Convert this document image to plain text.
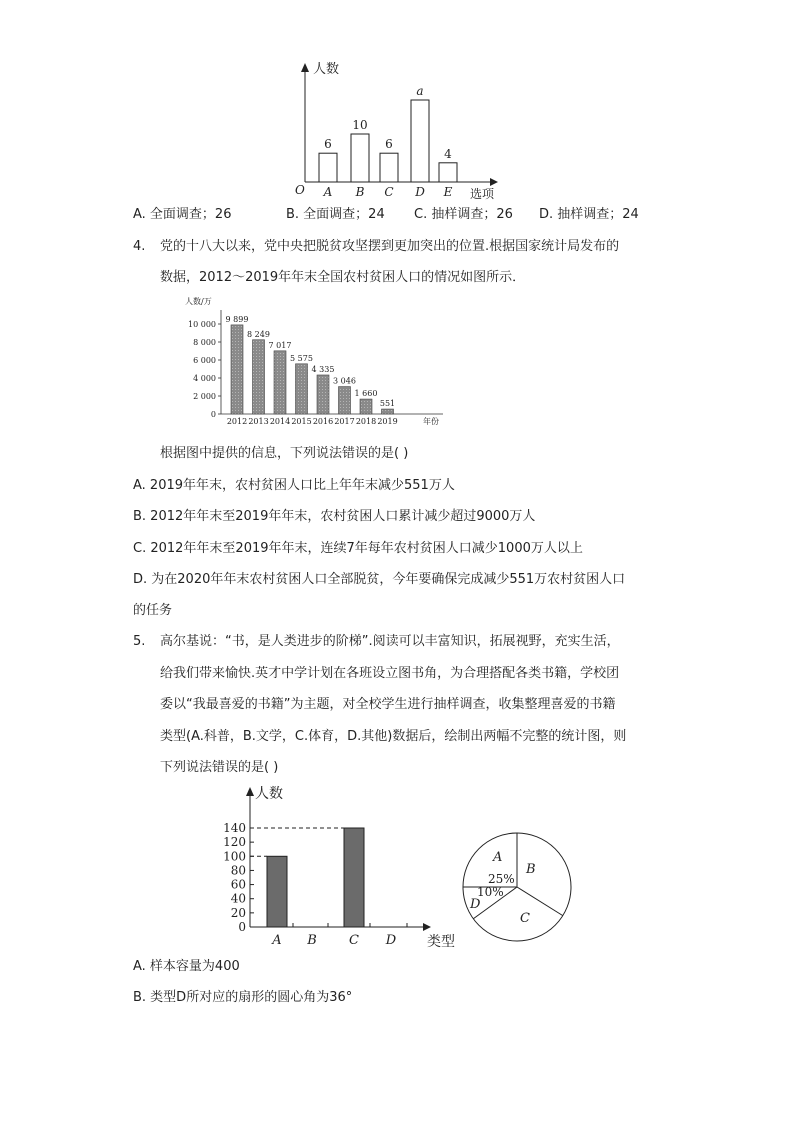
人数
选项
O
6
A
10
B
6
C
a
D
4
E
A. 全面调查；26	B. 全面调查；24 C. 抽样调查；26 D. 抽样调查；24
4. 党的十八大以来，党中央把脱贫攻坚摆到更加突出的位置.根据国家统计局发布的
数据，2012～2019年年末全国农村贫困人口的情况如图所示．
人数/万
0
2 000
4 000
6 000
8 000
10 000
9 899
2012
8 249
2013
7 017
2014
5 575
2015
4 335
2016
3 046
2017
1 660
2018
551
2019	年份
根据图中提供的信息，下列说法错误的是( )
A. 2019年年末，农村贫困人口比上年年末减少551万人
B. 2012年年末至2019年年末，农村贫困人口累计减少超过9000万人
C. 2012年年末至2019年年末，连续7年每年农村贫困人口减少1000万人以上
D. 为在2020年年末农村贫困人口全部脱贫，今年要确保完成减少551万农村贫困人口
的任务
5. 高尔基说：“书，是人类进步的阶梯”.阅读可以丰富知识，拓展视野，充实生活，
给我们带来愉快.英才中学计划在各班设立图书角，为合理搭配各类书籍，学校团
委以“我最喜爱的书籍”为主题，对全校学生进行抽样调查，收集整理喜爱的书籍
类型(A.科普，B.文学，C.体育，D.其他)数据后，绘制出两幅不完整的统计图，则
下列说法错误的是( )
人数
类型
0
20
40
60
80
100
120
140
A B C D
A
25%
B
C
10%
D
A. 样本容量为400
B. 类型D所对应的扇形的圆心角为36°
